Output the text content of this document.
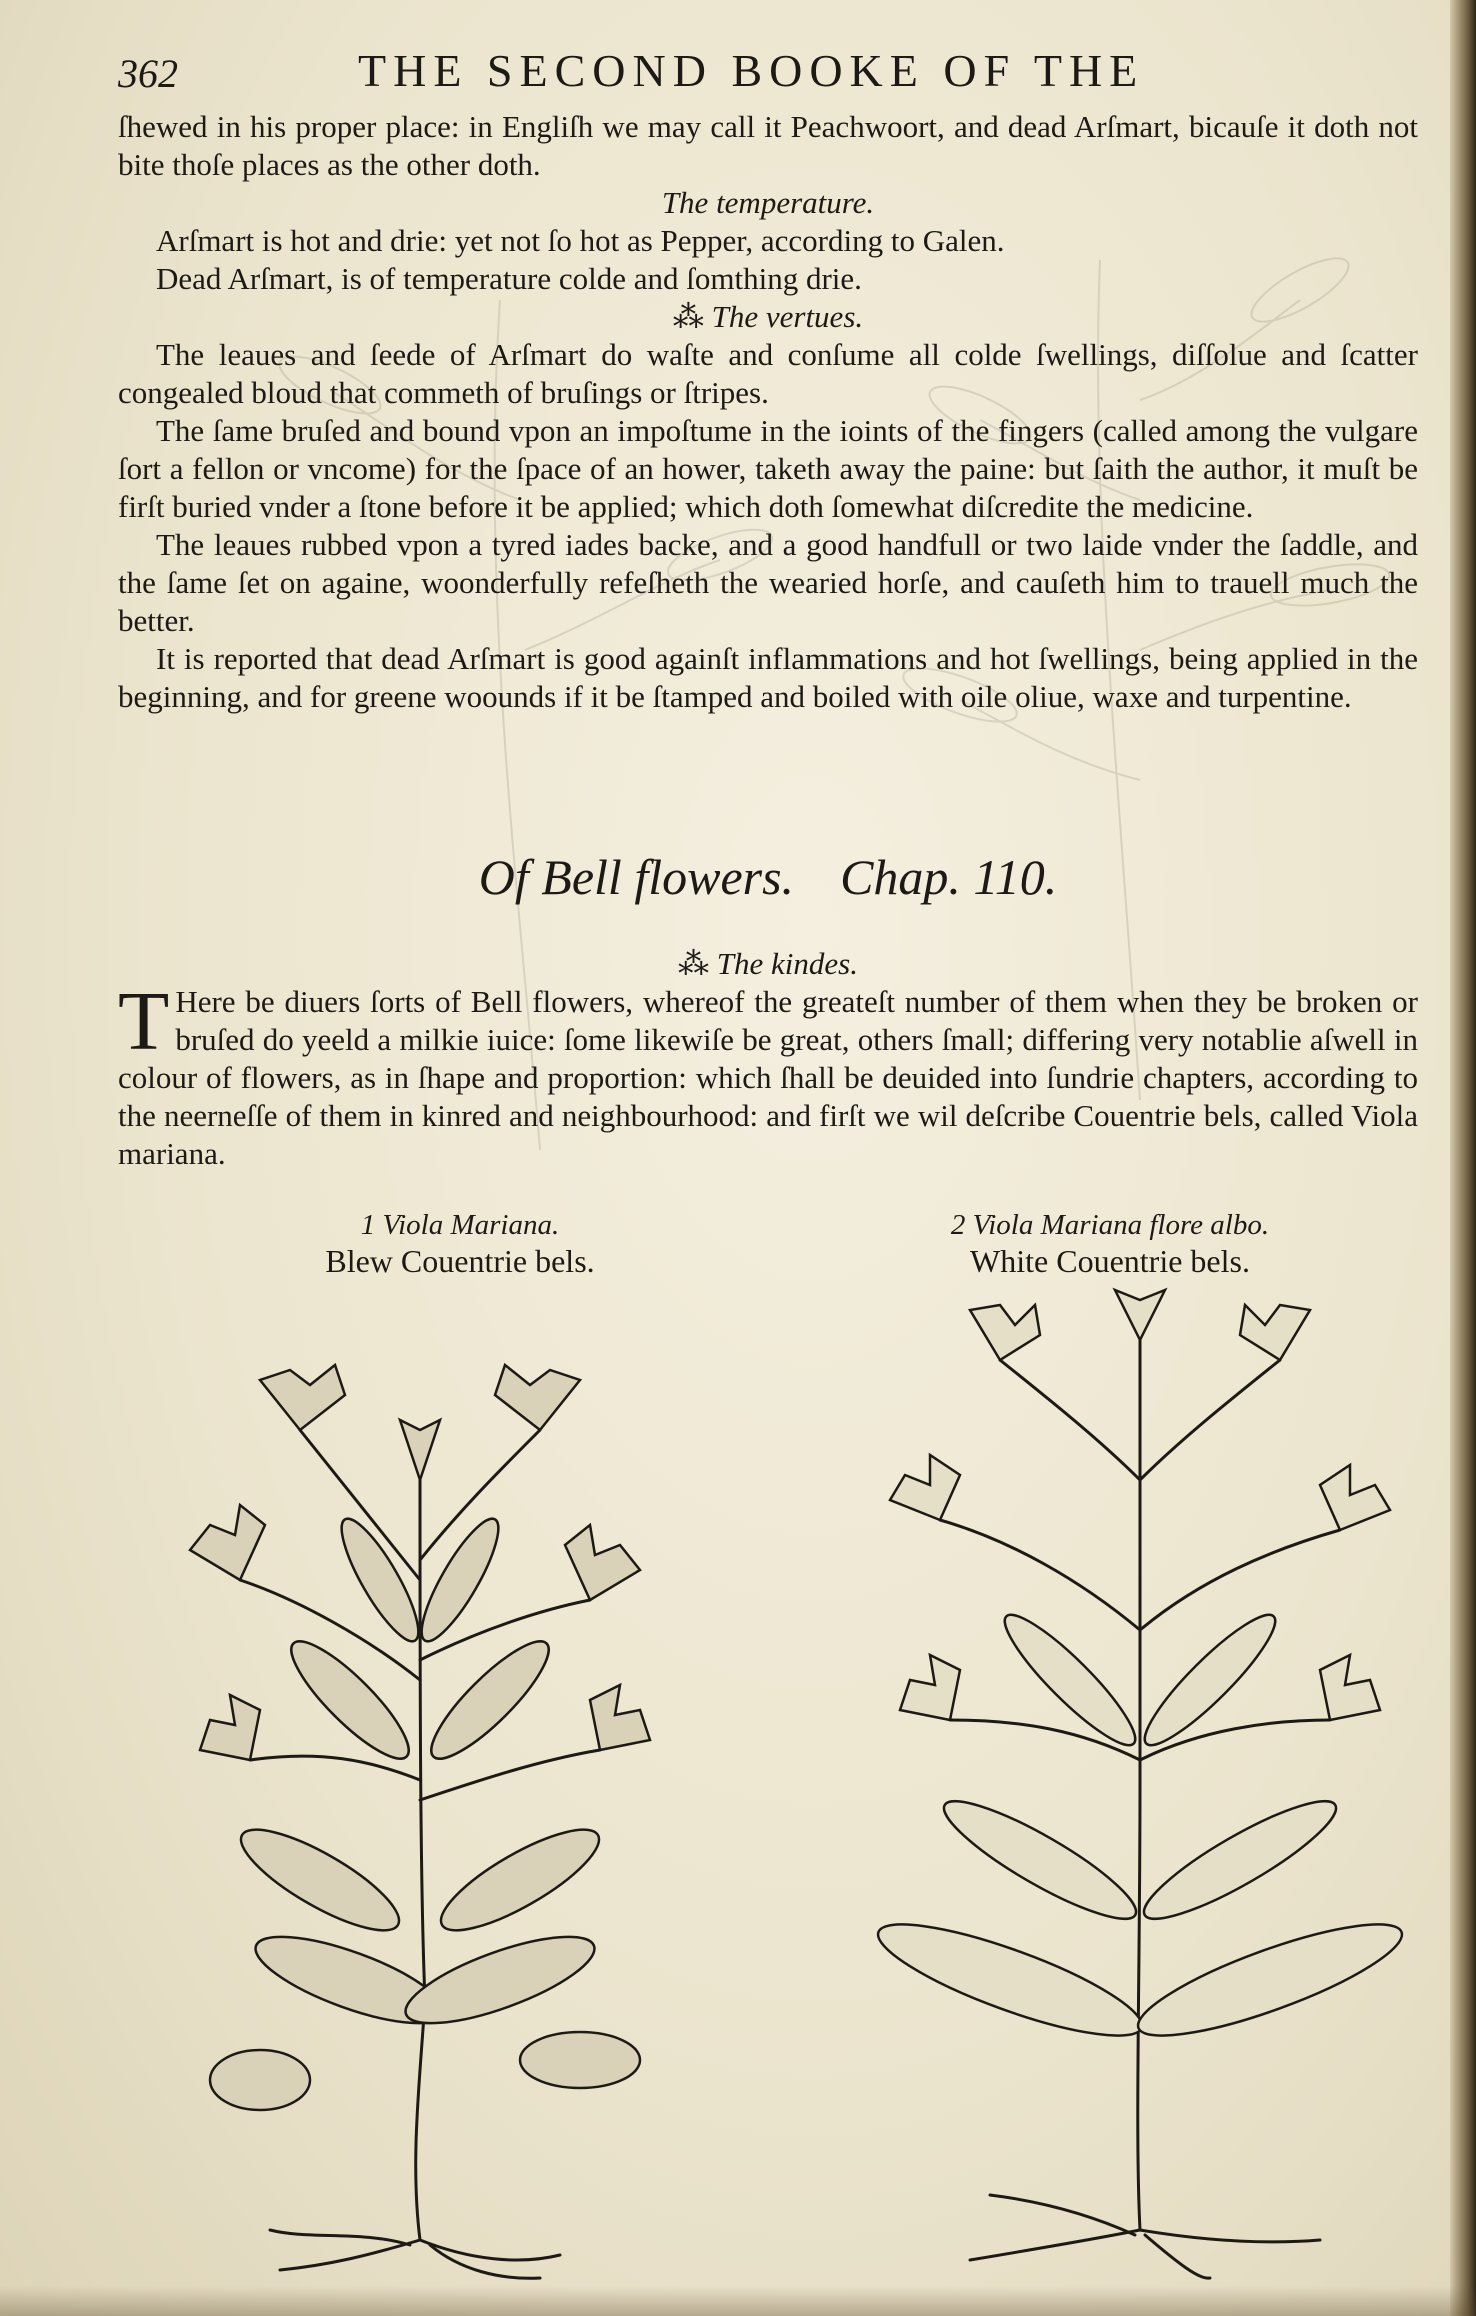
362	THE SECOND BOOKE OF THE

ſhewed in his proper place: in Engliſh we may call it Peachwoort, and dead Arſmart, bicauſe it doth not bite thoſe places as the other doth.

The temperature.

Arſmart is hot and drie: yet not ſo hot as Pepper, according to Galen.

Dead Arſmart, is of temperature colde and ſomthing drie.

⁂ The vertues.

The leaues and ſeede of Arſmart do waſte and conſume all colde ſwellings, diſſolue and ſcatter congealed bloud that commeth of bruſings or ſtripes.

The ſame bruſed and bound vpon an impoſtume in the ioints of the fingers (called among the vulgare ſort a fellon or vncome) for the ſpace of an hower, taketh away the paine: but ſaith the author, it muſt be firſt buried vnder a ſtone before it be applied; which doth ſomewhat diſcredite the medicine.

The leaues rubbed vpon a tyred iades backe, and a good handfull or two laide vnder the ſaddle, and the ſame ſet on againe, woonderfully refeſheth the wearied horſe, and cauſeth him to trauell much the better.

It is reported that dead Arſmart is good againſt inflammations and hot ſwellings, being applied in the beginning, and for greene woounds if it be ſtamped and boiled with oile oliue, waxe and turpentine.

Of Bell flowers. Chap. 110.
⁂ The kindes.

T Here be diuers ſorts of Bell flowers, whereof the greateſt number of them when they be broken or bruſed do yeeld a milkie iuice: ſome likewiſe be great, others ſmall; differing very notablie aſwell in colour of flowers, as in ſhape and proportion: which ſhall be deuided into ſundrie chapters, according to the neerneſſe of them in kinred and neighbourhood: and firſt we wil deſcribe Couentrie bels, called Viola mariana.

1 Viola Mariana.
Blew Couentrie bels.
2 Viola Mariana flore albo.
White Couentrie bels.
